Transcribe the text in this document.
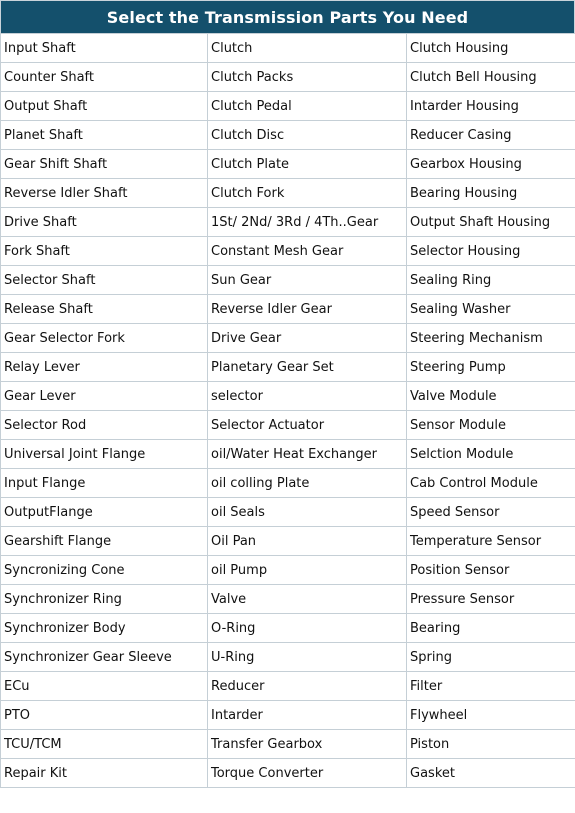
Select the Transmission Parts You Need
Input Shaft	Clutch	Clutch Housing
Counter Shaft	Clutch Packs	Clutch Bell Housing
Output Shaft	Clutch Pedal	Intarder Housing
Planet Shaft	Clutch Disc	Reducer Casing
Gear Shift Shaft	Clutch Plate	Gearbox Housing
Reverse Idler Shaft	Clutch Fork	Bearing Housing
Drive Shaft	1St/ 2Nd/ 3Rd / 4Th..Gear	Output Shaft Housing
Fork Shaft	Constant Mesh Gear	Selector Housing
Selector Shaft	Sun Gear	Sealing Ring
Release Shaft	Reverse Idler Gear	Sealing Washer
Gear Selector Fork	Drive Gear	Steering Mechanism
Relay Lever	Planetary Gear Set	Steering Pump
Gear Lever	selector	Valve Module
Selector Rod	Selector Actuator	Sensor Module
Universal Joint Flange	oil/Water Heat Exchanger	Selction Module
Input Flange	oil colling Plate	Cab Control Module
OutputFlange	oil Seals	Speed Sensor
Gearshift Flange	Oil Pan	Temperature Sensor
Syncronizing Cone	oil Pump	Position Sensor
Synchronizer Ring	Valve	Pressure Sensor
Synchronizer Body	O-Ring	Bearing
Synchronizer Gear Sleeve	U-Ring	Spring
ECu	Reducer	Filter
PTO	Intarder	Flywheel
TCU/TCM	Transfer Gearbox	Piston
Repair Kit	Torque Converter	Gasket
